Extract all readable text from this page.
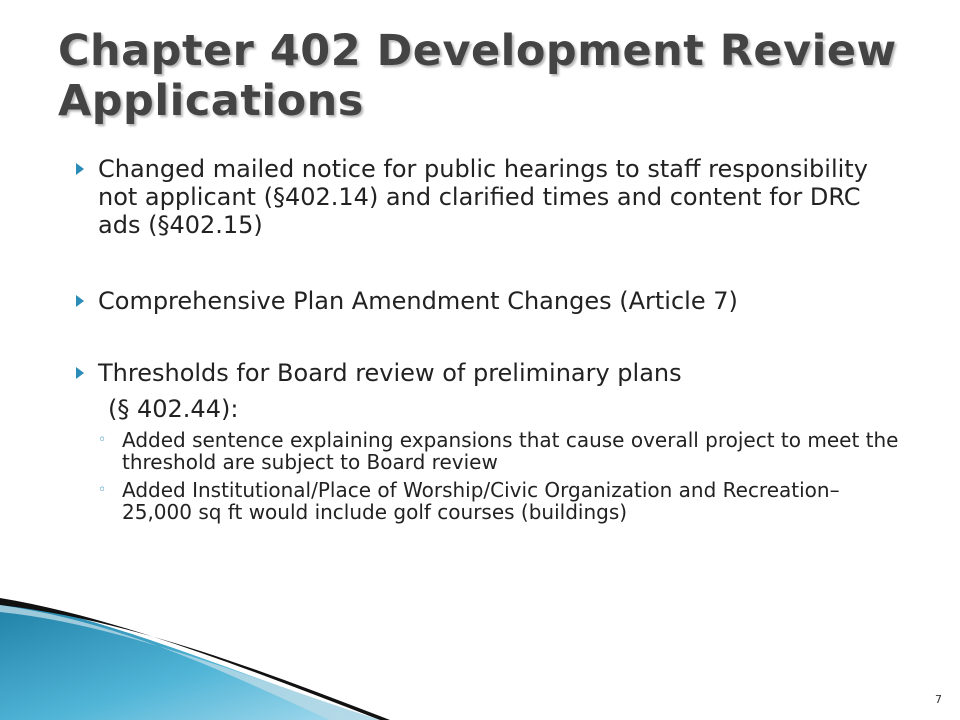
Chapter 402 Development Review
Applications
Changed mailed notice for public hearings to staff responsibility not applicant (§402.14) and clarified times and content for DRC ads (§402.15)
Comprehensive Plan Amendment Changes (Article 7)
Thresholds for Board review of preliminary plans
(§ 402.44):
◦ Added sentence explaining expansions that cause overall project to meet the threshold are subject to Board review
◦ Added Institutional/Place of Worship/Civic Organization and Recreation– 25,000 sq ft would include golf courses (buildings)
7
